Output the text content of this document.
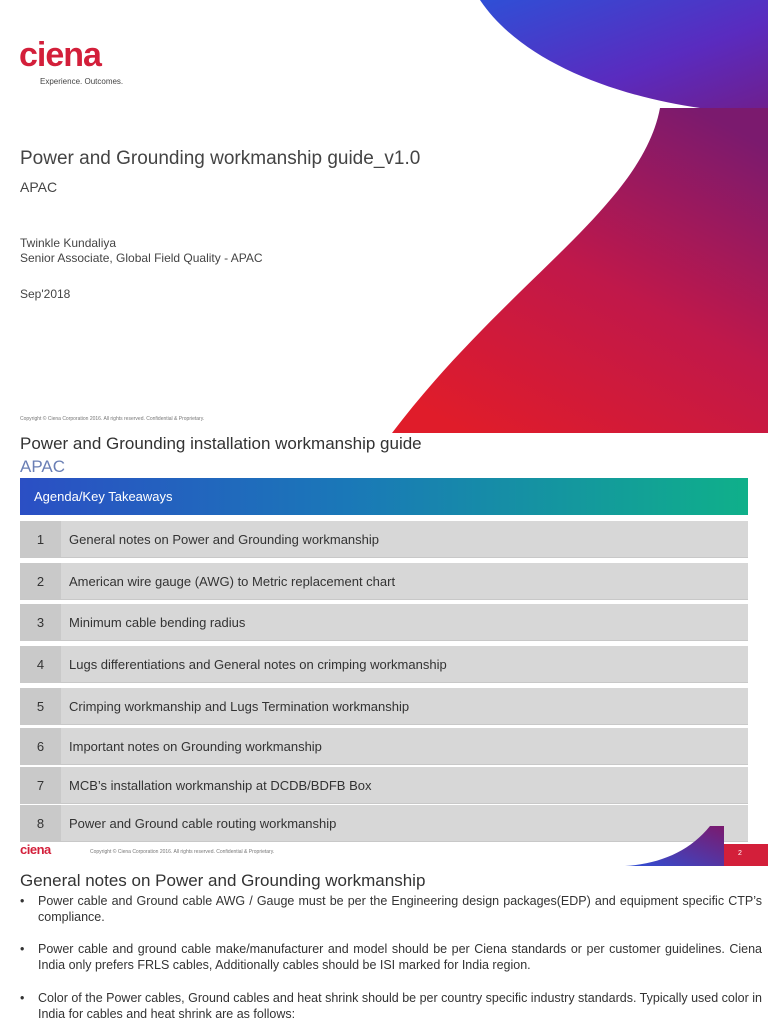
ciena
Experience. Outcomes.
Power and Grounding workmanship guide_v1.0
APAC
Twinkle Kundaliya
Senior Associate, Global Field Quality - APAC
Sep'2018
Copyright © Ciena Corporation 2016. All rights reserved. Confidential & Proprietary.
Power and Grounding installation workmanship guide
APAC
Agenda/Key Takeaways
1	General notes on Power and Grounding workmanship
2	American wire gauge (AWG) to Metric replacement chart
3	Minimum cable bending radius
4	Lugs differentiations and General notes on crimping workmanship
5	Crimping workmanship and Lugs Termination workmanship
6	Important notes on Grounding workmanship
7	MCB’s installation workmanship at DCDB/BDFB Box
8	Power and Ground cable routing workmanship
ciena	Copyright © Ciena Corporation 2016. All rights reserved. Confidential & Proprietary.	2
General notes on Power and Grounding workmanship
• Power cable and Ground cable AWG / Gauge must be per the Engineering design packages(EDP) and equipment specific CTP’s compliance.
• Power cable and ground cable make/manufacturer and model should be per Ciena standards or per customer guidelines. Ciena India only prefers FRLS cables, Additionally cables should be ISI marked for India region.
• Color of the Power cables, Ground cables and heat shrink should be per country specific industry standards. Typically used color in India for cables and heat shrink are as follows:
